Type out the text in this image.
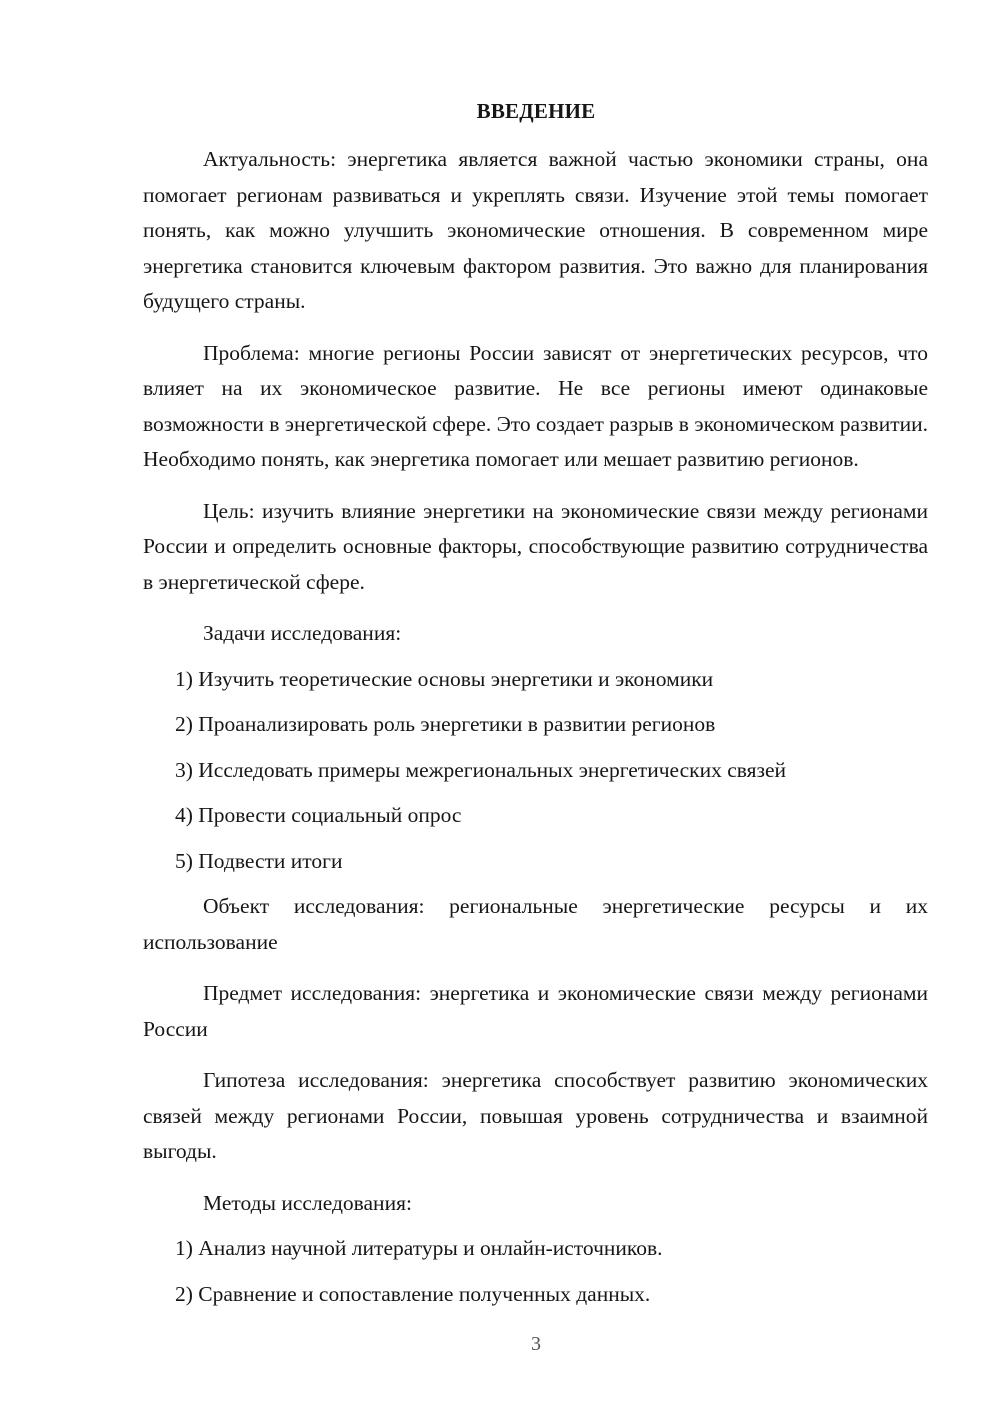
ВВЕДЕНИЕ

Актуальность: энергетика является важной частью экономики страны, она помогает регионам развиваться и укреплять связи. Изучение этой темы помогает понять, как можно улучшить экономические отношения. В современном мире энергетика становится ключевым фактором развития. Это важно для планирования будущего страны.

Проблема: многие регионы России зависят от энергетических ресурсов, что влияет на их экономическое развитие. Не все регионы имеют одинаковые возможности в энергетической сфере. Это создает разрыв в экономическом развитии. Необходимо понять, как энергетика помогает или мешает развитию регионов.

Цель: изучить влияние энергетики на экономические связи между регионами России и определить основные факторы, способствующие развитию сотрудничества в энергетической сфере.

Задачи исследования:

1) Изучить теоретические основы энергетики и экономики

2) Проанализировать роль энергетики в развитии регионов

3) Исследовать примеры межрегиональных энергетических связей

4) Провести социальный опрос

5) Подвести итоги

Объект исследования: региональные энергетические ресурсы и их использование

Предмет исследования: энергетика и экономические связи между регионами России

Гипотеза исследования: энергетика способствует развитию экономических связей между регионами России, повышая уровень сотрудничества и взаимной выгоды.

Методы исследования:

1) Анализ научной литературы и онлайн-источников.

2) Сравнение и сопоставление полученных данных.

3
